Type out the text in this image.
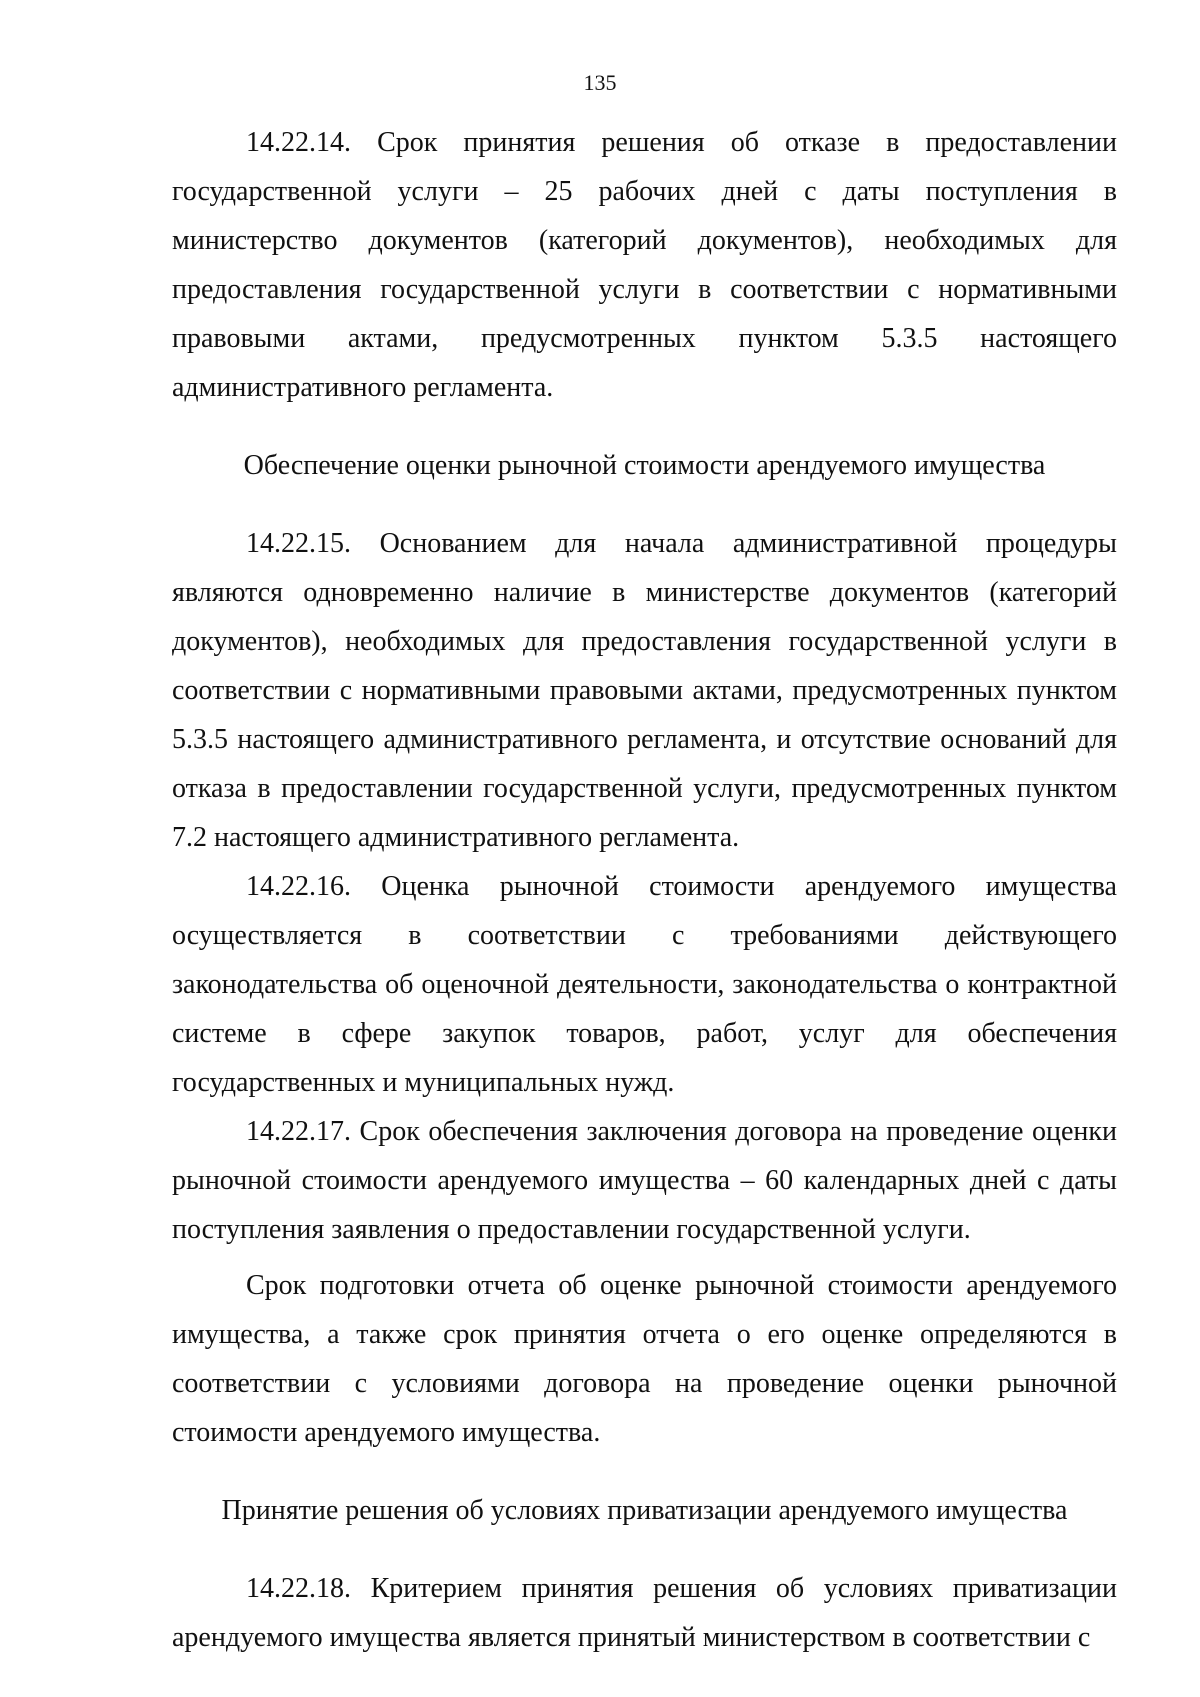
135

14.22.14. Срок принятия решения об отказе в предоставлении государственной услуги – 25 рабочих дней с даты поступления в министерство документов (категорий документов), необходимых для предоставления государственной услуги в соответствии с нормативными правовыми актами, предусмотренных пунктом 5.3.5 настоящего административного регламента.

Обеспечение оценки рыночной стоимости арендуемого имущества

14.22.15. Основанием для начала административной процедуры являются одновременно наличие в министерстве документов (категорий документов), необходимых для предоставления государственной услуги в соответствии с нормативными правовыми актами, предусмотренных пунктом 5.3.5 настоящего административного регламента, и отсутствие оснований для отказа в предоставлении государственной услуги, предусмотренных пунктом 7.2 настоящего административного регламента.

14.22.16. Оценка рыночной стоимости арендуемого имущества осуществляется в соответствии с требованиями действующего законодательства об оценочной деятельности, законодательства о контрактной системе в сфере закупок товаров, работ, услуг для обеспечения государственных и муниципальных нужд.

14.22.17. Срок обеспечения заключения договора на проведение оценки рыночной стоимости арендуемого имущества – 60 календарных дней с даты поступления заявления о предоставлении государственной услуги.

Срок подготовки отчета об оценке рыночной стоимости арендуемого имущества, а также срок принятия отчета о его оценке определяются в соответствии с условиями договора на проведение оценки рыночной стоимости арендуемого имущества.

Принятие решения об условиях приватизации арендуемого имущества

14.22.18. Критерием принятия решения об условиях приватизации арендуемого имущества является принятый министерством в соответствии с
